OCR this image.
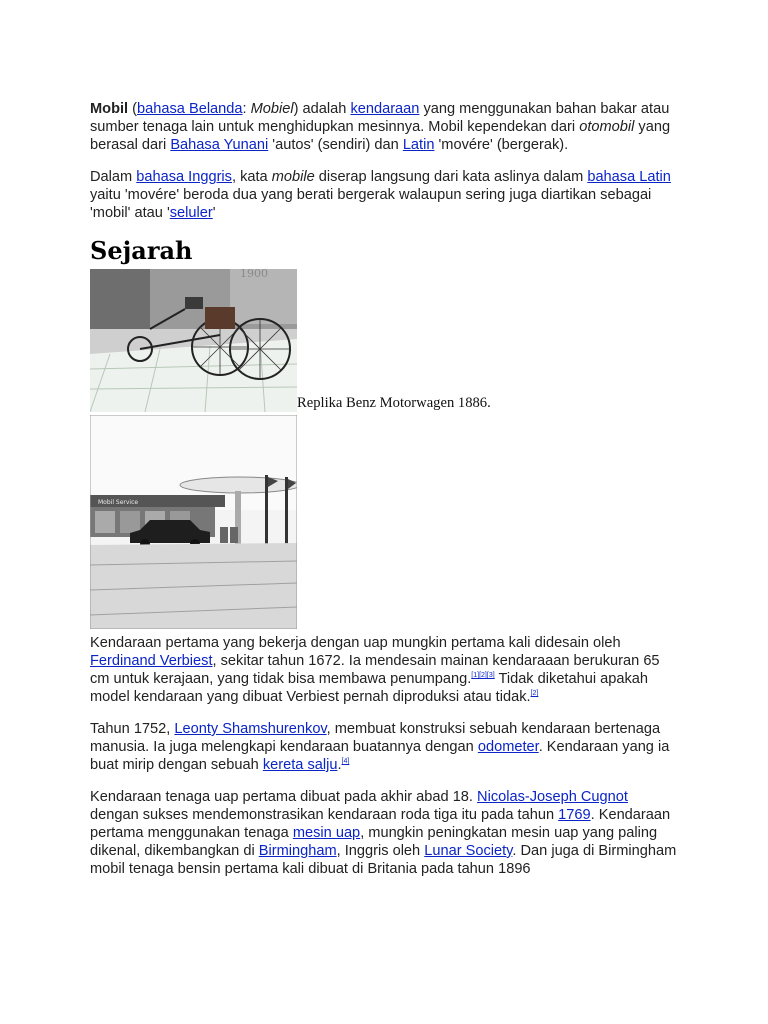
Mobil (bahasa Belanda: Mobiel) adalah kendaraan yang menggunakan bahan bakar atau sumber tenaga lain untuk menghidupkan mesinnya. Mobil kependekan dari otomobil yang berasal dari Bahasa Yunani 'autos' (sendiri) dan Latin 'movére' (bergerak).

Dalam bahasa Inggris, kata mobile diserap langsung dari kata aslinya dalam bahasa Latin yaitu 'movére' beroda dua yang berati bergerak walaupun sering juga diartikan sebagai 'mobil' atau 'seluler'

Sejarah
1900
Replika Benz Motorwagen 1886.
Mobil Service

Kendaraan pertama yang bekerja dengan uap mungkin pertama kali didesain oleh Ferdinand Verbiest, sekitar tahun 1672. Ia mendesain mainan kendaraaan berukuran 65 cm untuk kerajaan, yang tidak bisa membawa penumpang.[1][2][3] Tidak diketahui apakah model kendaraan yang dibuat Verbiest pernah diproduksi atau tidak.[2]

Tahun 1752, Leonty Shamshurenkov, membuat konstruksi sebuah kendaraan bertenaga manusia. Ia juga melengkapi kendaraan buatannya dengan odometer. Kendaraan yang ia buat mirip dengan sebuah kereta salju.[4]

Kendaraan tenaga uap pertama dibuat pada akhir abad 18. Nicolas-Joseph Cugnot dengan sukses mendemonstrasikan kendaraan roda tiga itu pada tahun 1769. Kendaraan pertama menggunakan tenaga mesin uap, mungkin peningkatan mesin uap yang paling dikenal, dikembangkan di Birmingham, Inggris oleh Lunar Society. Dan juga di Birmingham mobil tenaga bensin pertama kali dibuat di Britania pada tahun 1896
